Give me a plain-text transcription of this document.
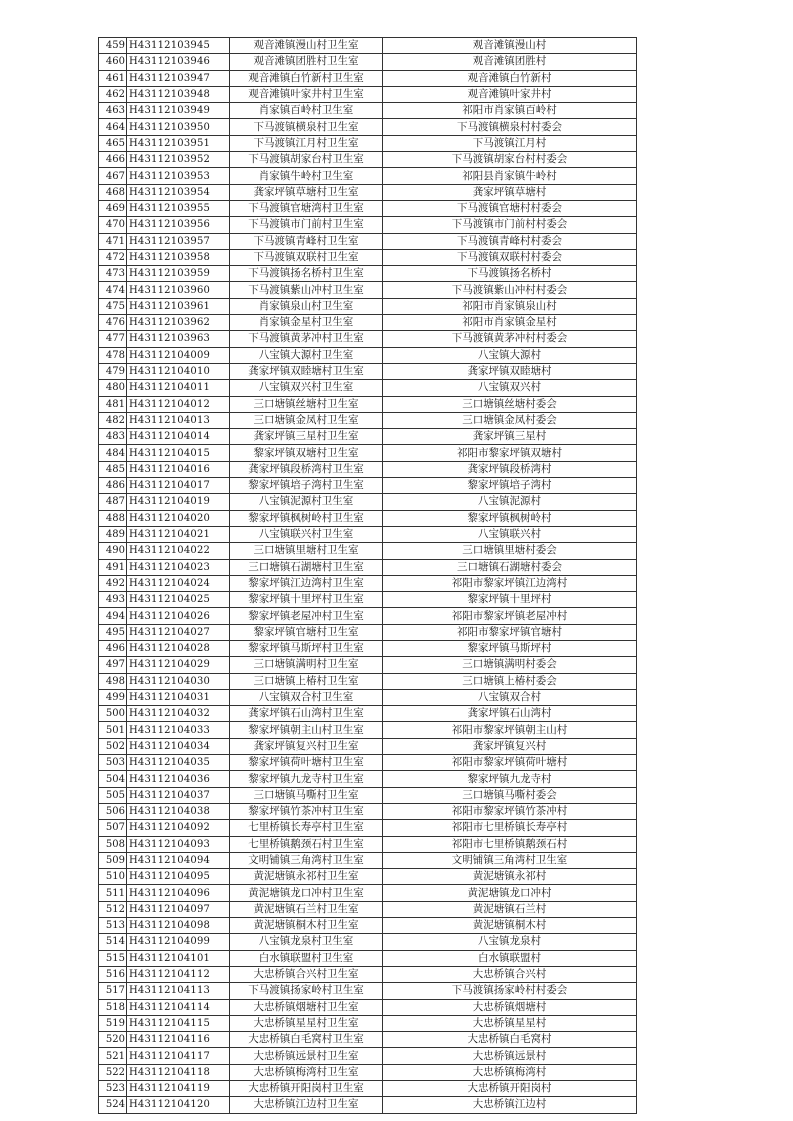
459	H43112103945	观音滩镇漫山村卫生室	观音滩镇漫山村
460	H43112103946	观音滩镇团胜村卫生室	观音滩镇团胜村
461	H43112103947	观音滩镇白竹新村卫生室	观音滩镇白竹新村
462	H43112103948	观音滩镇叶家井村卫生室	观音滩镇叶家井村
463	H43112103949	肖家镇百岭村卫生室	祁阳市肖家镇百岭村
464	H43112103950	下马渡镇横泉村卫生室	下马渡镇横泉村村委会
465	H43112103951	下马渡镇江月村卫生室	下马渡镇江月村
466	H43112103952	下马渡镇胡家台村卫生室	下马渡镇胡家台村村委会
467	H43112103953	肖家镇牛岭村卫生室	祁阳县肖家镇牛岭村
468	H43112103954	龚家坪镇草塘村卫生室	龚家坪镇草塘村
469	H43112103955	下马渡镇官塘湾村卫生室	下马渡镇官塘村村委会
470	H43112103956	下马渡镇市门前村卫生室	下马渡镇市门前村村委会
471	H43112103957	下马渡镇青峰村卫生室	下马渡镇青峰村村委会
472	H43112103958	下马渡镇双联村卫生室	下马渡镇双联村村委会
473	H43112103959	下马渡镇扬名桥村卫生室	下马渡镇扬名桥村
474	H43112103960	下马渡镇紫山冲村卫生室	下马渡镇紫山冲村村委会
475	H43112103961	肖家镇泉山村卫生室	祁阳市肖家镇泉山村
476	H43112103962	肖家镇金星村卫生室	祁阳市肖家镇金星村
477	H43112103963	下马渡镇黄茅冲村卫生室	下马渡镇黄茅冲村村委会
478	H43112104009	八宝镇大源村卫生室	八宝镇大源村
479	H43112104010	龚家坪镇双睦塘村卫生室	龚家坪镇双睦塘村
480	H43112104011	八宝镇双兴村卫生室	八宝镇双兴村
481	H43112104012	三口塘镇丝塘村卫生室	三口塘镇丝塘村委会
482	H43112104013	三口塘镇金凤村卫生室	三口塘镇金凤村委会
483	H43112104014	龚家坪镇三星村卫生室	龚家坪镇三星村
484	H43112104015	黎家坪镇双塘村卫生室	祁阳市黎家坪镇双塘村
485	H43112104016	龚家坪镇段桥湾村卫生室	龚家坪镇段桥湾村
486	H43112104017	黎家坪镇培子湾村卫生室	黎家坪镇培子湾村
487	H43112104019	八宝镇泥源村卫生室	八宝镇泥源村
488	H43112104020	黎家坪镇枫树岭村卫生室	黎家坪镇枫树岭村
489	H43112104021	八宝镇联兴村卫生室	八宝镇联兴村
490	H43112104022	三口塘镇里塘村卫生室	三口塘镇里塘村委会
491	H43112104023	三口塘镇石湖塘村卫生室	三口塘镇石湖塘村委会
492	H43112104024	黎家坪镇江边湾村卫生室	祁阳市黎家坪镇江边湾村
493	H43112104025	黎家坪镇十里坪村卫生室	黎家坪镇十里坪村
494	H43112104026	黎家坪镇老屋冲村卫生室	祁阳市黎家坪镇老屋冲村
495	H43112104027	黎家坪镇官塘村卫生室	祁阳市黎家坪镇官塘村
496	H43112104028	黎家坪镇马斯坪村卫生室	黎家坪镇马斯坪村
497	H43112104029	三口塘镇满明村卫生室	三口塘镇满明村委会
498	H43112104030	三口塘镇上椿村卫生室	三口塘镇上椿村委会
499	H43112104031	八宝镇双合村卫生室	八宝镇双合村
500	H43112104032	龚家坪镇石山湾村卫生室	龚家坪镇石山湾村
501	H43112104033	黎家坪镇朝主山村卫生室	祁阳市黎家坪镇朝主山村
502	H43112104034	龚家坪镇复兴村卫生室	龚家坪镇复兴村
503	H43112104035	黎家坪镇荷叶塘村卫生室	祁阳市黎家坪镇荷叶塘村
504	H43112104036	黎家坪镇九龙寺村卫生室	黎家坪镇九龙寺村
505	H43112104037	三口塘镇马嘶村卫生室	三口塘镇马嘶村委会
506	H43112104038	黎家坪镇竹茶冲村卫生室	祁阳市黎家坪镇竹茶冲村
507	H43112104092	七里桥镇长寿亭村卫生室	祁阳市七里桥镇长寿亭村
508	H43112104093	七里桥镇鹅颈石村卫生室	祁阳市七里桥镇鹅颈石村
509	H43112104094	文明铺镇三角湾村卫生室	文明铺镇三角湾村卫生室
510	H43112104095	黄泥塘镇永祁村卫生室	黄泥塘镇永祁村
511	H43112104096	黄泥塘镇龙口冲村卫生室	黄泥塘镇龙口冲村
512	H43112104097	黄泥塘镇石兰村卫生室	黄泥塘镇石兰村
513	H43112104098	黄泥塘镇桐木村卫生室	黄泥塘镇桐木村
514	H43112104099	八宝镇龙泉村卫生室	八宝镇龙泉村
515	H43112104101	白水镇联盟村卫生室	白水镇联盟村
516	H43112104112	大忠桥镇合兴村卫生室	大忠桥镇合兴村
517	H43112104113	下马渡镇扬家岭村卫生室	下马渡镇扬家岭村村委会
518	H43112104114	大忠桥镇烟塘村卫生室	大忠桥镇烟塘村
519	H43112104115	大忠桥镇星星村卫生室	大忠桥镇星星村
520	H43112104116	大忠桥镇白毛窝村卫生室	大忠桥镇白毛窝村
521	H43112104117	大忠桥镇远景村卫生室	大忠桥镇远景村
522	H43112104118	大忠桥镇梅湾村卫生室	大忠桥镇梅湾村
523	H43112104119	大忠桥镇开阳岗村卫生室	大忠桥镇开阳岗村
524	H43112104120	大忠桥镇江边村卫生室	大忠桥镇江边村
